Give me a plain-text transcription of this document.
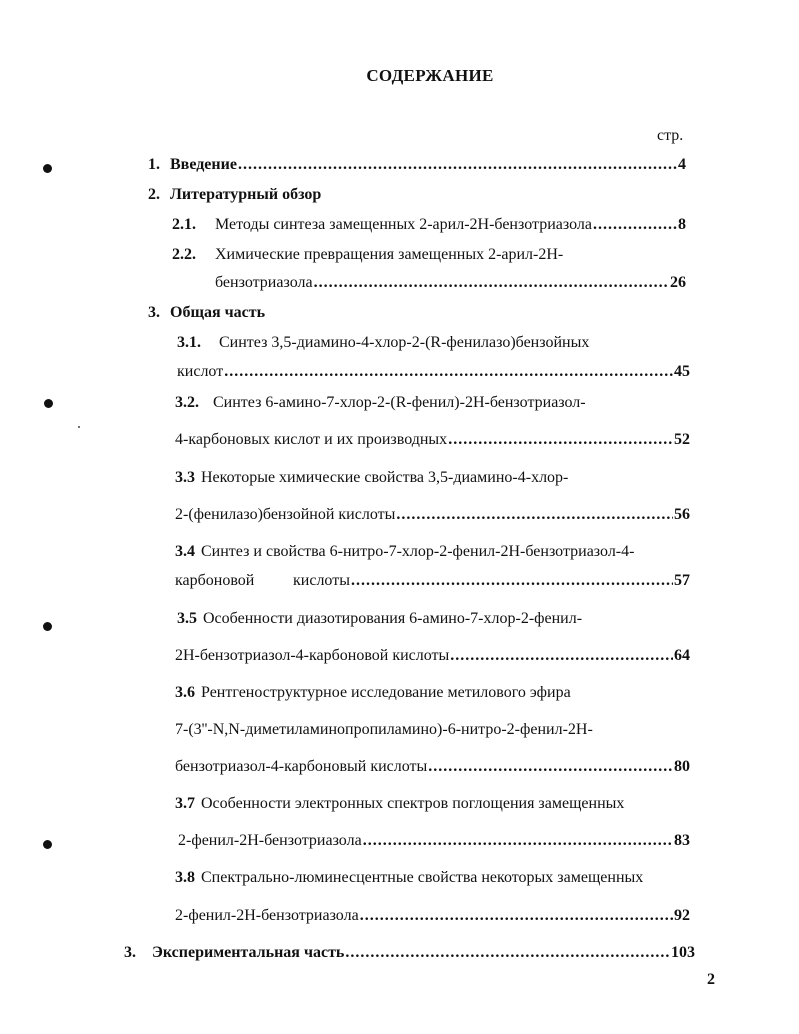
СОДЕРЖАНИЕ
стр.
1. Введение .....	4
2. Литературный обзор
2.1. Методы синтеза замещенных 2-арил-2Н-бензотриазола .....	8
2.2. Химические превращения замещенных 2-арил-2Н-
бензотриазола .....	26
3. Общая часть
3.1. Синтез 3,5-диамино-4-хлор-2-(R-фенилазо)бензойных
кислот .....	45
3.2. Синтез 6-амино-7-хлор-2-(R-фенил)-2Н-бензотриазол-
4-карбоновых кислот и их производных .....	52
3.3 Некоторые химические свойства 3,5-диамино-4-хлор-
2-(фенилазо)бензойной кислоты .....	56
3.4 Синтез и свойства 6-нитро-7-хлор-2-фенил-2Н-бензотриазол-4-
карбоновой кислоты .....	57
3.5 Особенности диазотирования 6-амино-7-хлор-2-фенил-
2Н-бензотриазол-4-карбоновой кислоты .....	64
3.6 Рентгеноструктурное исследование метилового эфира
7-(3''-N,N-диметиламинопропиламино)-6-нитро-2-фенил-2Н-
бензотриазол-4-карбоновый кислоты .....	80
3.7 Особенности электронных спектров поглощения замещенных
2-фенил-2Н-бензотриазола .....	83
3.8 Спектрально-люминесцентные свойства некоторых замещенных
2-фенил-2Н-бензотриазола .....	92
3. Экспериментальная часть .....	103
2
